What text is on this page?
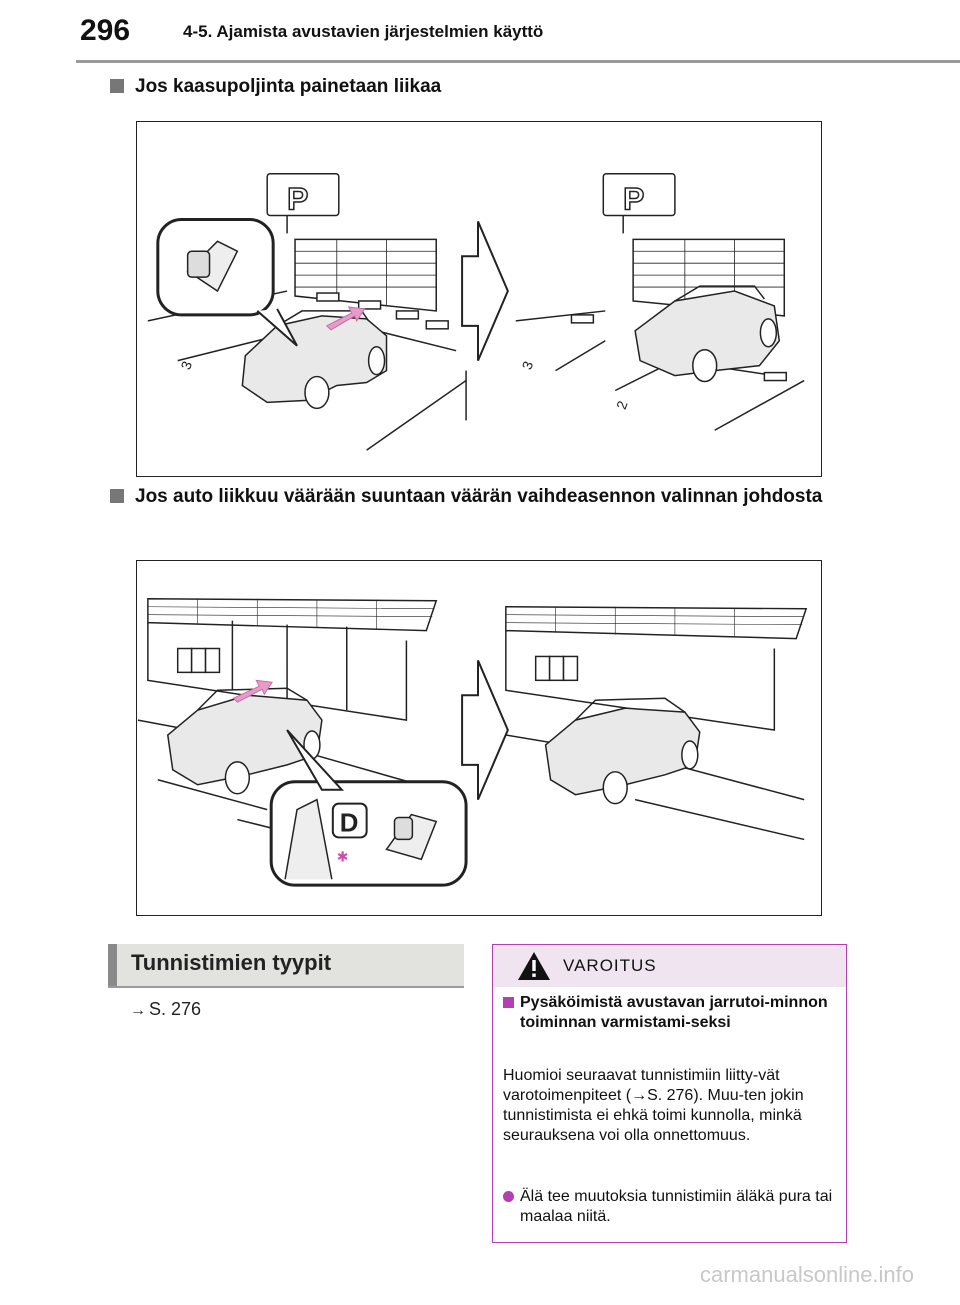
296	4-5. Ajamista avustavien järjestelmien käyttö
Jos kaasupoljinta painetaan liikaa
P	P
3	3
2
Jos auto liikkuu väärään suuntaan väärän vaihdeasennon valinnan johdosta
D
✱
Tunnistimien tyypit
→ S. 276
VAROITUS
Pysäköimistä avustavan jarrutoi-minnon toiminnan varmistami-seksi
Huomioi seuraavat tunnistimiin liitty-vät varotoimenpiteet (→S. 276). Muu-ten jokin tunnistimista ei ehkä toimi kunnolla, minkä seurauksena voi olla onnettomuus.
Älä tee muutoksia tunnistimiin äläkä pura tai maalaa niitä.
carmanualsonline.info
